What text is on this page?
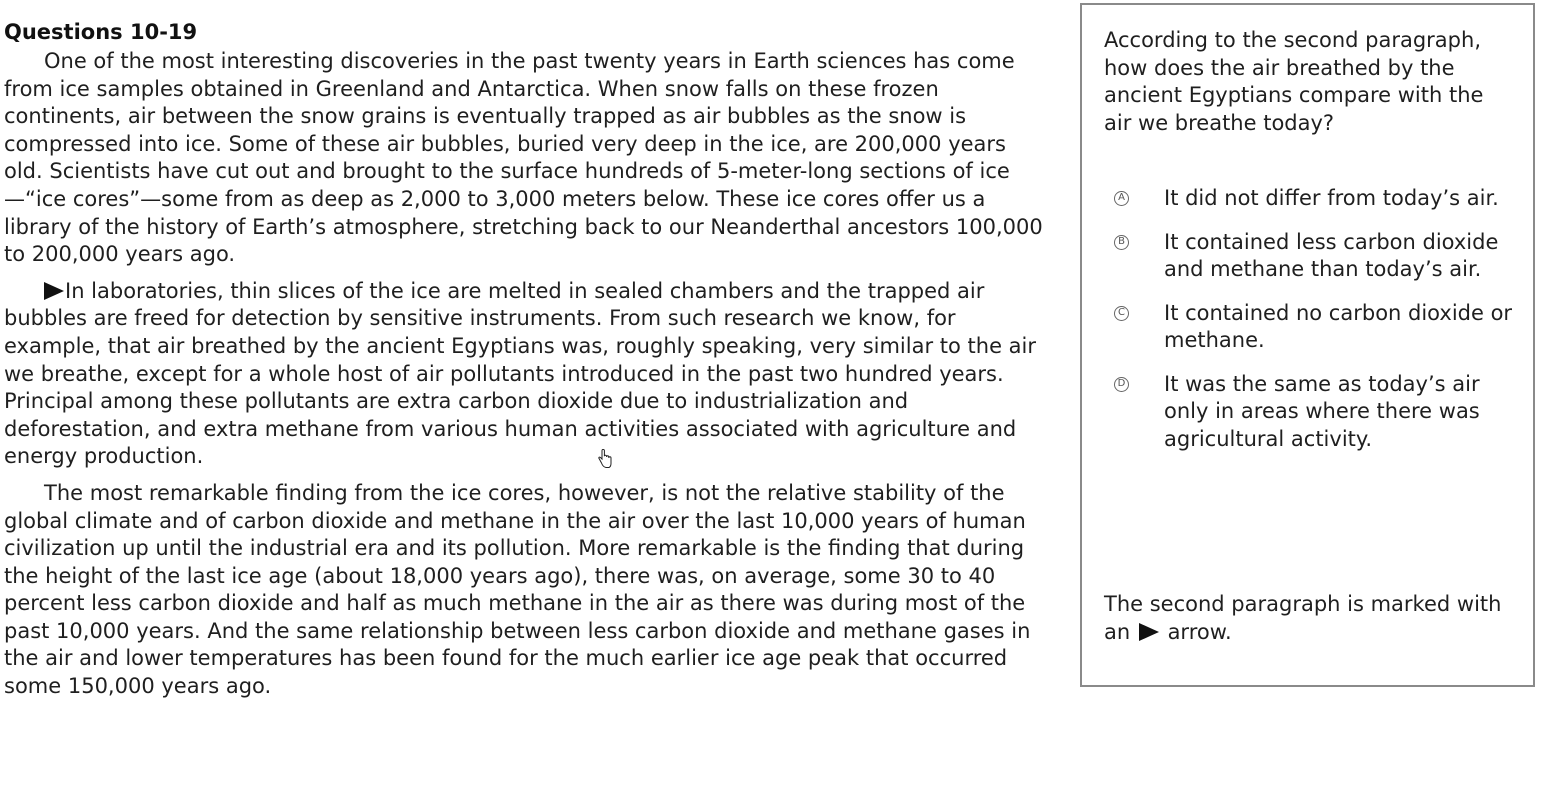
Questions 10-19

One of the most interesting discoveries in the past twenty years in Earth sciences has come from ice samples obtained in Greenland and Antarctica. When snow falls on these frozen continents, air between the snow grains is eventually trapped as air bubbles as the snow is compressed into ice. Some of these air bubbles, buried very deep in the ice, are 200,000 years old. Scientists have cut out and brought to the surface hundreds of 5-meter-long sections of ice—“ice cores”—some from as deep as 2,000 to 3,000 meters below. These ice cores offer us a library of the history of Earth’s atmosphere, stretching back to our Neanderthal ancestors 100,000 to 200,000 years ago.

In laboratories, thin slices of the ice are melted in sealed chambers and the trapped air bubbles are freed for detection by sensitive instruments. From such research we know, for example, that air breathed by the ancient Egyptians was, roughly speaking, very similar to the air we breathe, except for a whole host of air pollutants introduced in the past two hundred years. Principal among these pollutants are extra carbon dioxide due to industrialization and deforestation, and extra methane from various human activities associated with agriculture and energy production.

The most remarkable finding from the ice cores, however, is not the relative stability of the global climate and of carbon dioxide and methane in the air over the last 10,000 years of human civilization up until the industrial era and its pollution. More remarkable is the finding that during the height of the last ice age (about 18,000 years ago), there was, on average, some 30 to 40 percent less carbon dioxide and half as much methane in the air as there was during most of the past 10,000 years. And the same relationship between less carbon dioxide and methane gases in the air and lower temperatures has been found for the much earlier ice age peak that occurred some 150,000 years ago.

According to the second paragraph, how does the air breathed by the ancient Egyptians compare with the air we breathe today?
A It did not differ from today’s air.
B It contained less carbon dioxide and methane than today’s air.
C It contained no carbon dioxide or methane.
D It was the same as today’s air only in areas where there was agricultural activity.
The second paragraph is marked with an arrow.
